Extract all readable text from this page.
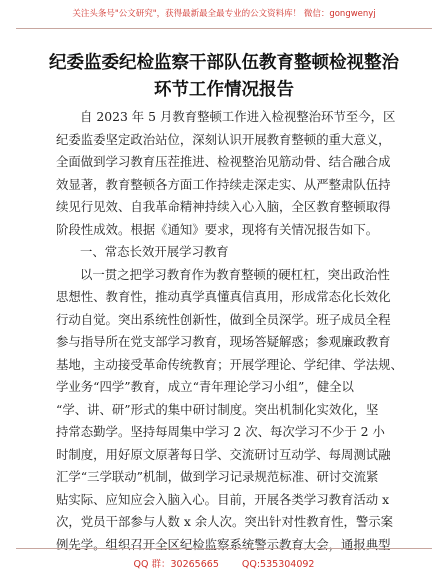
关注头条号"公文研究"，获得最新最全最专业的公文资料库！ 微信：gongwenyj
纪委监委纪检监察干部队伍教育整顿检视整治
环节工作情况报告
自 2023 年 5 月教育整顿工作进入检视整治环节至今，区
纪委监委坚定政治站位，深刻认识开展教育整顿的重大意义，
全面做到学习教育压茬推进、检视整治见筋动骨、结合融合成
效显著，教育整顿各方面工作持续走深走实、从严整肃队伍持
续见行见效、自我革命精神持续入心入脑，全区教育整顿取得
阶段性成效。根据《通知》要求，现将有关情况报告如下。
一、常态长效开展学习教育
以一贯之把学习教育作为教育整顿的硬杠杠，突出政治性
思想性、教育性，推动真学真懂真信真用，形成常态化长效化
行动自觉。突出系统性创新性，做到全员深学。班子成员全程
参与指导所在党支部学习教育，现场答疑解惑；参观廉政教育
基地，主动接受革命传统教育；开展学理论、学纪律、学法规、
学业务“四学”教育，成立“青年理论学习小组”，健全以
“学、讲、研”形式的集中研讨制度。突出机制化实效化，坚
持常态勤学。坚持每周集中学习 2 次、每次学习不少于 2 小
时制度，用好原文原著每日学、交流研讨互动学、每周测试融
汇学“三学联动”机制，做到学习记录规范标准、研讨交流紧
贴实际、应知应会入脑入心。目前，开展各类学习教育活动 x
次，党员干部参与人数 x 余人次。突出针对性教育性，警示案
例先学。组织召开全区纪检监察系统警示教育大会，通报典型
QQ 群：30265665 QQ:535304092
